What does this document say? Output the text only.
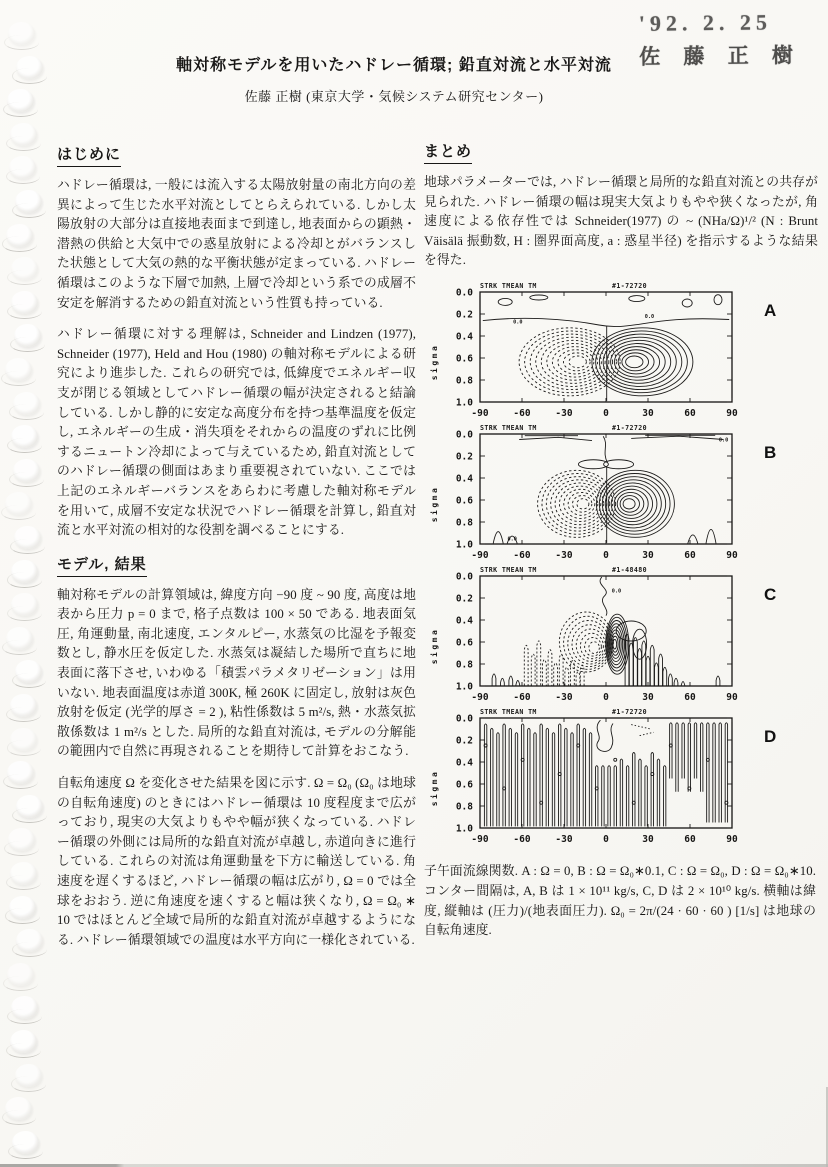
'92. 2. 25
佐 藤 正 樹
軸対称モデルを用いたハドレー循環; 鉛直対流と水平対流
佐藤 正樹 (東京大学・気候システム研究センター)
はじめに

ハドレー循環は, 一般には流入する太陽放射量の南北方向の差異によって生じた水平対流としてとらえられている. しかし太陽放射の大部分は直接地表面まで到達し, 地表面からの顕熱・潜熱の供給と大気中での惑星放射による冷却とがバランスした状態として大気の熱的な平衡状態が定まっている. ハドレー循環はこのような下層で加熱, 上層で冷却という系での成層不安定を解消するための鉛直対流という性質も持っている.

ハドレー循環に対する理解は, Schneider and Lindzen (1977), Schneider (1977), Held and Hou (1980) の軸対称モデルによる研究により進歩した. これらの研究では, 低緯度でエネルギー収支が閉じる領域としてハドレー循環の幅が決定されると結論している. しかし静的に安定な高度分布を持つ基準温度を仮定し, エネルギーの生成・消失項をそれからの温度のずれに比例するニュートン冷却によって与えているため, 鉛直対流としてのハドレー循環の側面はあまり重要視されていない. ここでは上記のエネルギーバランスをあらわに考慮した軸対称モデルを用いて, 成層不安定な状況でハドレー循環を計算し, 鉛直対流と水平対流の相対的な役割を調べることにする.

モデル, 結果

軸対称モデルの計算領域は, 緯度方向 −90 度 ~ 90 度, 高度は地表から圧力 p = 0 まで, 格子点数は 100 × 50 である. 地表面気圧, 角運動量, 南北速度, エンタルピー, 水蒸気の比湿を予報変数とし, 静水圧を仮定した. 水蒸気は凝結した場所で直ちに地表面に落下させ, いわゆる「積雲パラメタリゼーション」は用いない. 地表面温度は赤道 300K, 極 260K に固定し, 放射は灰色放射を仮定 (光学的厚さ = 2 ), 粘性係数は 5 m²/s, 熱・水蒸気拡散係数は 1 m²/s とした. 局所的な鉛直対流は, モデルの分解能の範囲内で自然に再現されることを期待して計算をおこなう.

自転角速度 Ω を変化させた結果を図に示す. Ω = Ω₀ (Ω₀ は地球の自転角速度) のときにはハドレー循環は 10 度程度まで広がっており, 現実の大気よりもやや幅が狭くなっている. ハドレー循環の外側には局所的な鉛直対流が卓越し, 赤道向きに進行している. これらの対流は角運動量を下方に輸送している. 角速度を遅くするほど, ハドレー循環の幅は広がり, Ω = 0 では全球をおおう. 逆に角速度を速くすると幅は狭くなり, Ω = Ω₀ ∗ 10 ではほとんど全域で局所的な鉛直対流が卓越するようになる. ハドレー循環領域での温度は水平方向に一様化されている.

まとめ

地球パラメーターでは, ハドレー循環と局所的な鉛直対流との共存が見られた. ハドレー循環の幅は現実大気よりもやや狭くなったが, 角速度による依存性では Schneider(1977) の ~ (NHa/Ω)¹/² (N : Brunt Väisälä 振動数, H : 圏界面高度, a : 惑星半径) を指示するような結果を得た.

STRK TMEAN TM	#1-72720
-90	-60	-30	0	30	60	90
0.0
0.2
0.4
0.6
0.8
1.0
sigma
A
0.0
0.0
STRK TMEAN TM	#1-72720
-90	-60	-30	0	30	60	90
0.0
0.2
0.4
0.6
0.8
1.0
sigma
B
0.0
0.0
STRK TMEAN TM	#1-48480
-90	-60	-30	0	30	60	90
0.0
0.2
0.4
0.6
0.8
1.0
sigma
C
0.0
STRK TMEAN TM	#1-72720
-90	-60	-30	0	30	60	90
0.0
0.2
0.4
0.6
0.8
1.0
sigma
D
子午面流線関数. A : Ω = 0, B : Ω = Ω₀∗0.1, C : Ω = Ω₀, D : Ω = Ω₀∗10. コンター間隔は, A, B は 1 × 10¹¹ kg/s, C, D は 2 × 10¹⁰ kg/s. 横軸は緯度, 縦軸は (圧力)/(地表面圧力). Ω₀ = 2π/(24 · 60 · 60 ) [1/s] は地球の自転角速度.
